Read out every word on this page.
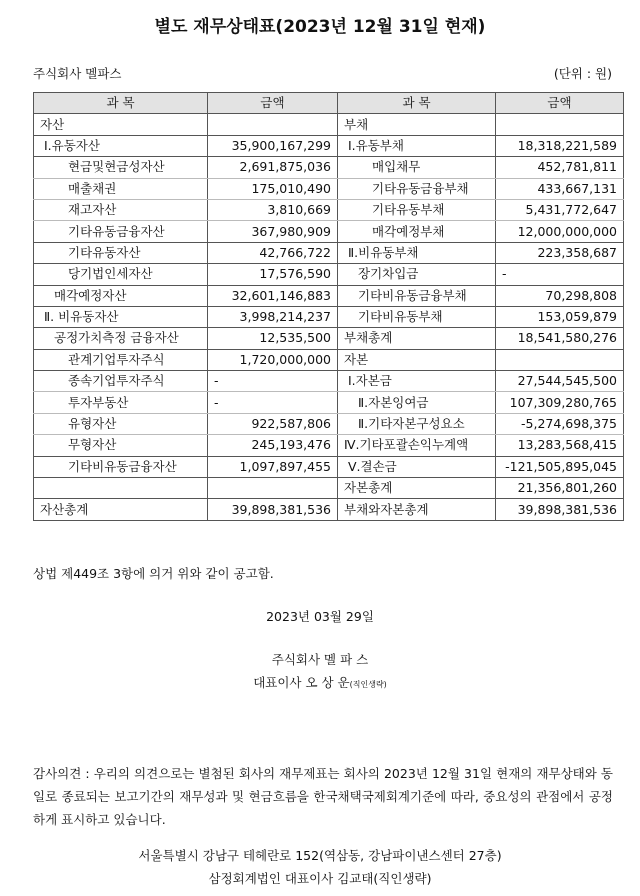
별도 재무상태표(2023년 12월 31일 현재)
주식회사 멜파스	(단위 : 원)
과 목	금액	과 목	금액
자산		부채	
Ⅰ.유동자산	35,900,167,299	Ⅰ.유동부채	18,318,221,589
현금및현금성자산	2,691,875,036	매입채무	452,781,811
매출채권	175,010,490	기타유동금융부채	433,667,131
재고자산	3,810,669	기타유동부채	5,431,772,647
기타유동금융자산	367,980,909	매각예정부채	12,000,000,000
기타유동자산	42,766,722	Ⅱ.비유동부채	223,358,687
당기법인세자산	17,576,590	장기차입금	-
매각예정자산	32,601,146,883	기타비유동금융부채	70,298,808
Ⅱ. 비유동자산	3,998,214,237	기타비유동부채	153,059,879
공정가치측정 금융자산	12,535,500	부채총계	18,541,580,276
관계기업투자주식	1,720,000,000	자본	
종속기업투자주식	-	Ⅰ.자본금	27,544,545,500
투자부동산	-	Ⅱ.자본잉여금	107,309,280,765
유형자산	922,587,806	Ⅱ.기타자본구성요소	-5,274,698,375
무형자산	245,193,476	Ⅳ.기타포괄손익누계액	13,283,568,415
기타비유동금융자산	1,097,897,455	Ⅴ.결손금	-121,505,895,045
		자본총계	21,356,801,260
자산총계	39,898,381,536	부채와자본총계	39,898,381,536
상법 제449조 3항에 의거 위와 같이 공고함.
2023년 03월 29일
주식회사 멜 파 스
대표이사 오 상 운(직인생략)
감사의견 : 우리의 의견으로는 별첨된 회사의 재무제표는 회사의 2023년 12월 31일 현재의 재무상태와 동일로 종료되는 보고기간의 재무성과 및 현금흐름을 한국채택국제회계기준에 따라, 중요성의 관점에서 공정하게 표시하고 있습니다.
서울특별시 강남구 테헤란로 152(역삼동, 강남파이낸스센터 27층)
삼정회계법인 대표이사 김교태(직인생략)
